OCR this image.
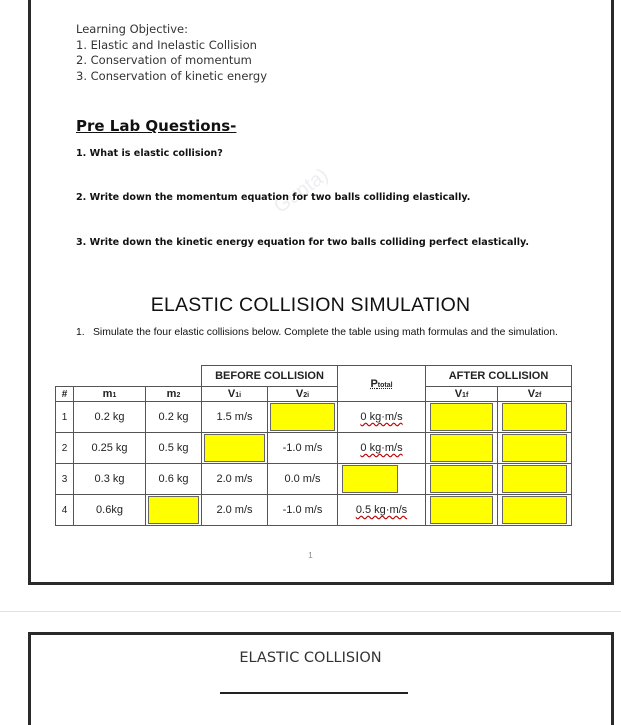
Gupta)
Learning Objective:
1. Elastic and Inelastic Collision
2. Conservation of momentum
3. Conservation of kinetic energy
Pre Lab Questions-
1. What is elastic collision?
2. Write down the momentum equation for two balls colliding elastically.
3. Write down the kinetic energy equation for two balls colliding perfect elastically.
ELASTIC COLLISION SIMULATION
1. Simulate the four elastic collisions below. Complete the table using math formulas and the simulation.
			BEFORE COLLISION		Ptotal	AFTER COLLISION	
#	m1	m2	V1i	V2i		V1f	V2f
1	0.2 kg	0.2 kg	1.5 m/s		0 kg·m/s	

2	0.25 kg	0.5 kg		-1.0 m/s	0 kg·m/s	

3	0.3 kg	0.6 kg	2.0 m/s	0.0 m/s	

4	0.6kg		2.0 m/s	-1.0 m/s	0.5 kg·m/s	

1
ELASTIC COLLISION
